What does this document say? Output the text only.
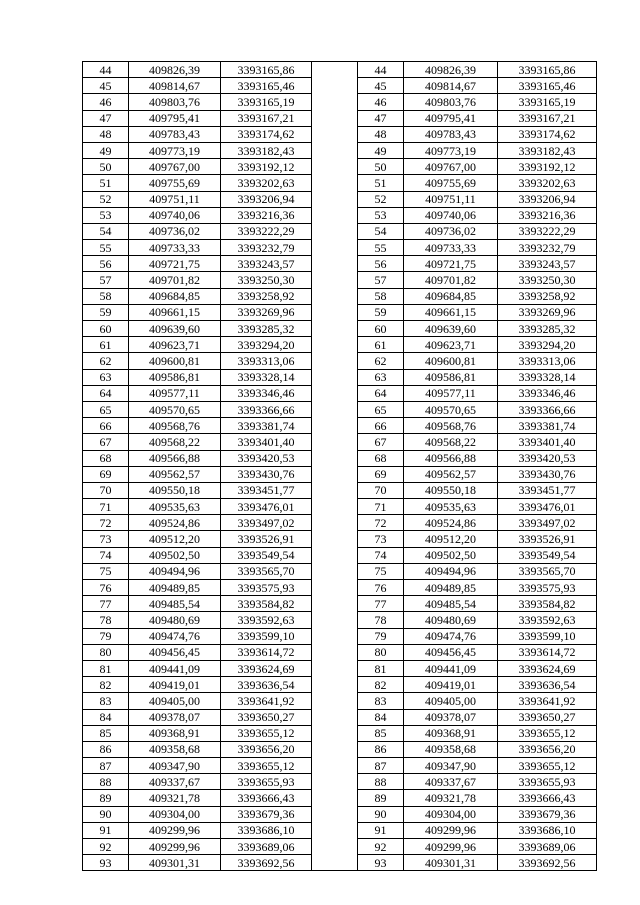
44	409826,39	3393165,86		44	409826,39	3393165,86
45	409814,67	3393165,46		45	409814,67	3393165,46
46	409803,76	3393165,19		46	409803,76	3393165,19
47	409795,41	3393167,21		47	409795,41	3393167,21
48	409783,43	3393174,62		48	409783,43	3393174,62
49	409773,19	3393182,43		49	409773,19	3393182,43
50	409767,00	3393192,12		50	409767,00	3393192,12
51	409755,69	3393202,63		51	409755,69	3393202,63
52	409751,11	3393206,94		52	409751,11	3393206,94
53	409740,06	3393216,36		53	409740,06	3393216,36
54	409736,02	3393222,29		54	409736,02	3393222,29
55	409733,33	3393232,79		55	409733,33	3393232,79
56	409721,75	3393243,57		56	409721,75	3393243,57
57	409701,82	3393250,30		57	409701,82	3393250,30
58	409684,85	3393258,92		58	409684,85	3393258,92
59	409661,15	3393269,96		59	409661,15	3393269,96
60	409639,60	3393285,32		60	409639,60	3393285,32
61	409623,71	3393294,20		61	409623,71	3393294,20
62	409600,81	3393313,06		62	409600,81	3393313,06
63	409586,81	3393328,14		63	409586,81	3393328,14
64	409577,11	3393346,46		64	409577,11	3393346,46
65	409570,65	3393366,66		65	409570,65	3393366,66
66	409568,76	3393381,74		66	409568,76	3393381,74
67	409568,22	3393401,40		67	409568,22	3393401,40
68	409566,88	3393420,53		68	409566,88	3393420,53
69	409562,57	3393430,76		69	409562,57	3393430,76
70	409550,18	3393451,77		70	409550,18	3393451,77
71	409535,63	3393476,01		71	409535,63	3393476,01
72	409524,86	3393497,02		72	409524,86	3393497,02
73	409512,20	3393526,91		73	409512,20	3393526,91
74	409502,50	3393549,54		74	409502,50	3393549,54
75	409494,96	3393565,70		75	409494,96	3393565,70
76	409489,85	3393575,93		76	409489,85	3393575,93
77	409485,54	3393584,82		77	409485,54	3393584,82
78	409480,69	3393592,63		78	409480,69	3393592,63
79	409474,76	3393599,10		79	409474,76	3393599,10
80	409456,45	3393614,72		80	409456,45	3393614,72
81	409441,09	3393624,69		81	409441,09	3393624,69
82	409419,01	3393636,54		82	409419,01	3393636,54
83	409405,00	3393641,92		83	409405,00	3393641,92
84	409378,07	3393650,27		84	409378,07	3393650,27
85	409368,91	3393655,12		85	409368,91	3393655,12
86	409358,68	3393656,20		86	409358,68	3393656,20
87	409347,90	3393655,12		87	409347,90	3393655,12
88	409337,67	3393655,93		88	409337,67	3393655,93
89	409321,78	3393666,43		89	409321,78	3393666,43
90	409304,00	3393679,36		90	409304,00	3393679,36
91	409299,96	3393686,10		91	409299,96	3393686,10
92	409299,96	3393689,06		92	409299,96	3393689,06
93	409301,31	3393692,56		93	409301,31	3393692,56
